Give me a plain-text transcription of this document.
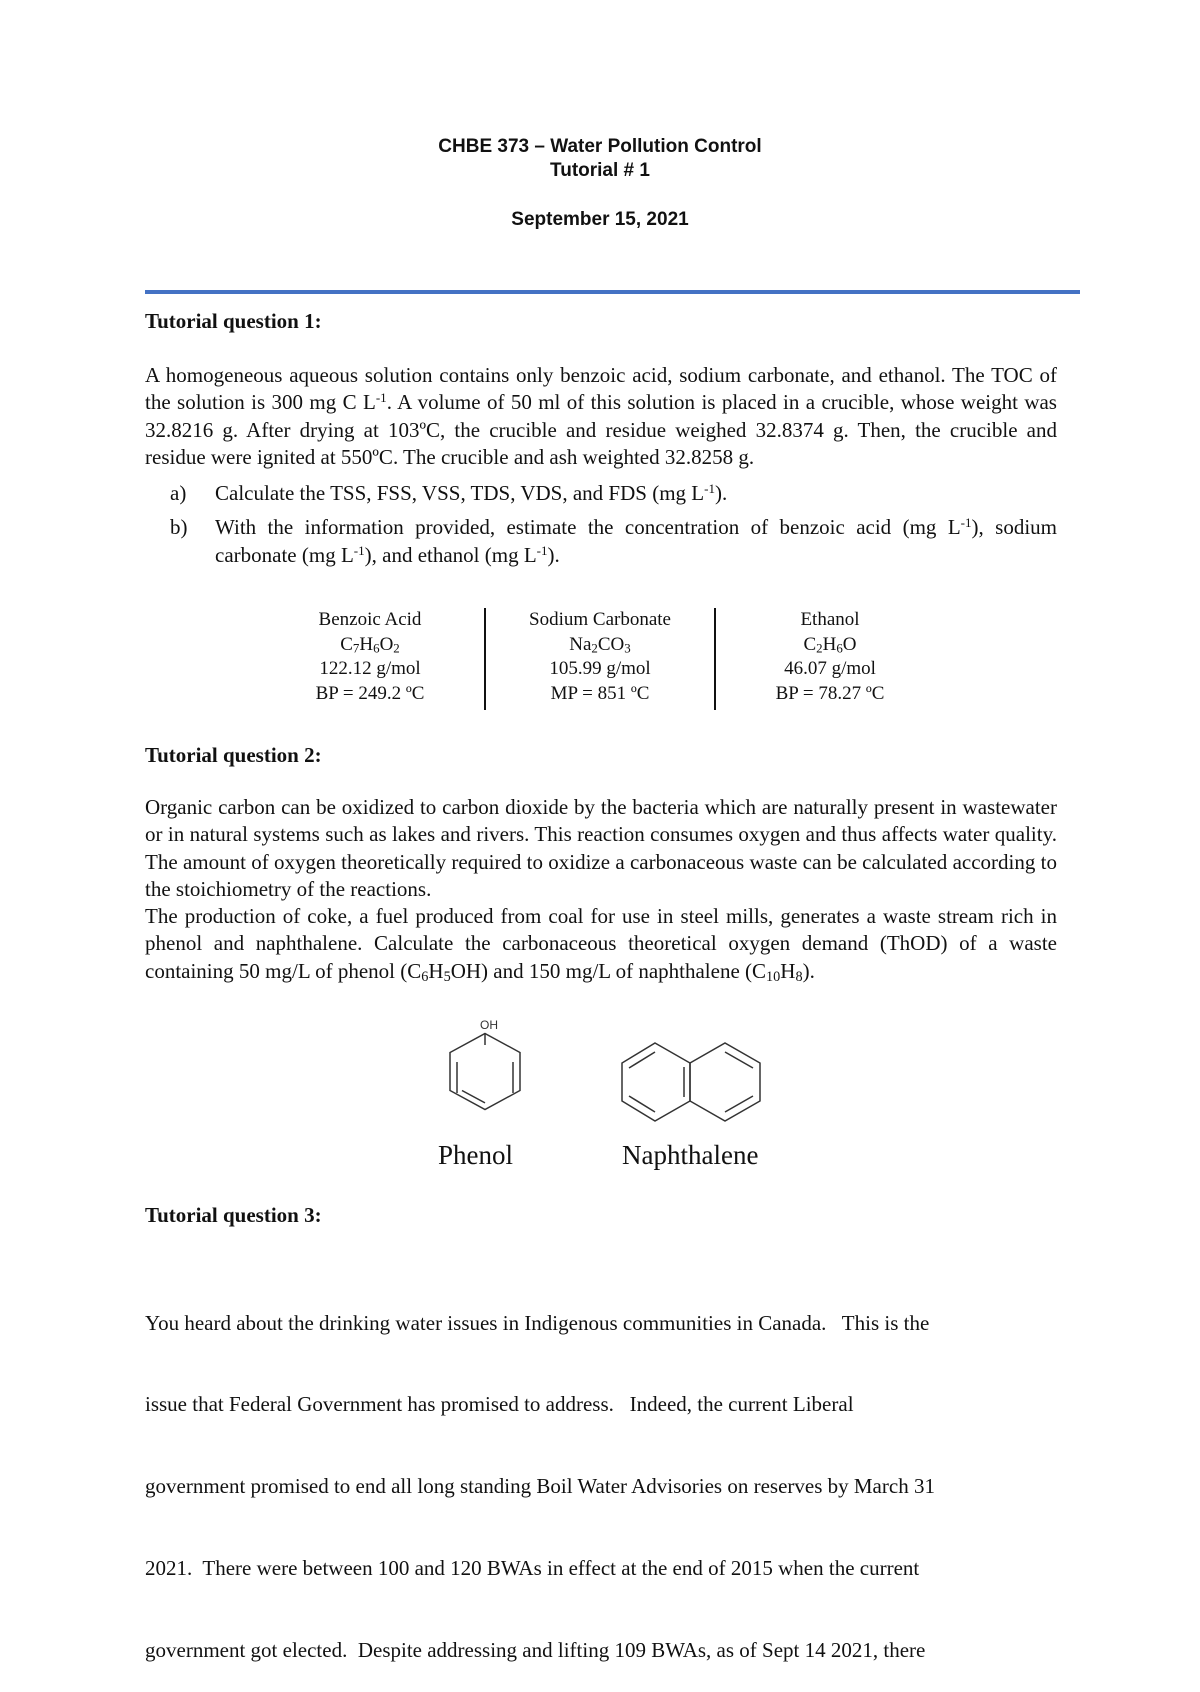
CHBE 373 – Water Pollution Control
Tutorial # 1
September 15, 2021
Tutorial question 1:
A homogeneous aqueous solution contains only benzoic acid, sodium carbonate, and ethanol. The TOC of the solution is 300 mg C $L^{-1}$. A volume of 50 ml of this solution is placed in a crucible, whose weight was 32.8216 g. After drying at 103ºC, the crucible and residue weighed 32.8374 g. Then, the crucible and residue were ignited at 550ºC. The crucible and ash weighted 32.8258 g.
a) Calculate the TSS, FSS, VSS, TDS, VDS, and FDS (mg $L^{-1}$).
b) With the information provided, estimate the concentration of benzoic acid (mg $L^{-1}$), sodium carbonate (mg $L^{-1}$), and ethanol (mg $L^{-1}$).
Benzoic Acid
$C_7H_6O_2$
122.12 g/mol
BP = 249.2 ºC
Sodium Carbonate
$Na_2CO_3$
105.99 g/mol
MP = 851 ºC
Ethanol
$C_2H_6O$
46.07 g/mol
BP = 78.27 ºC
Tutorial question 2:
Organic carbon can be oxidized to carbon dioxide by the bacteria which are naturally present in wastewater or in natural systems such as lakes and rivers. This reaction consumes oxygen and thus affects water quality. The amount of oxygen theoretically required to oxidize a carbonaceous waste can be calculated according to the stoichiometry of the reactions.
The production of coke, a fuel produced from coal for use in steel mills, generates a waste stream rich in phenol and naphthalene. Calculate the carbonaceous theoretical oxygen demand (ThOD) of a waste containing 50 mg/L of phenol $(C_6H_5OH)$ and 150 mg/L of naphthalene $(C_{10}H_8)$.
OH
Phenol	Naphthalene
Tutorial question 3:

You heard about the drinking water issues in Indigenous communities in Canada.   This is the

issue that Federal Government has promised to address.   Indeed, the current Liberal

government promised to end all long standing Boil Water Advisories on reserves by March 31

2021.  There were between 100 and 120 BWAs in effect at the end of 2015 when the current

government got elected.  Despite addressing and lifting 109 BWAs, as of Sept 14 2021, there
